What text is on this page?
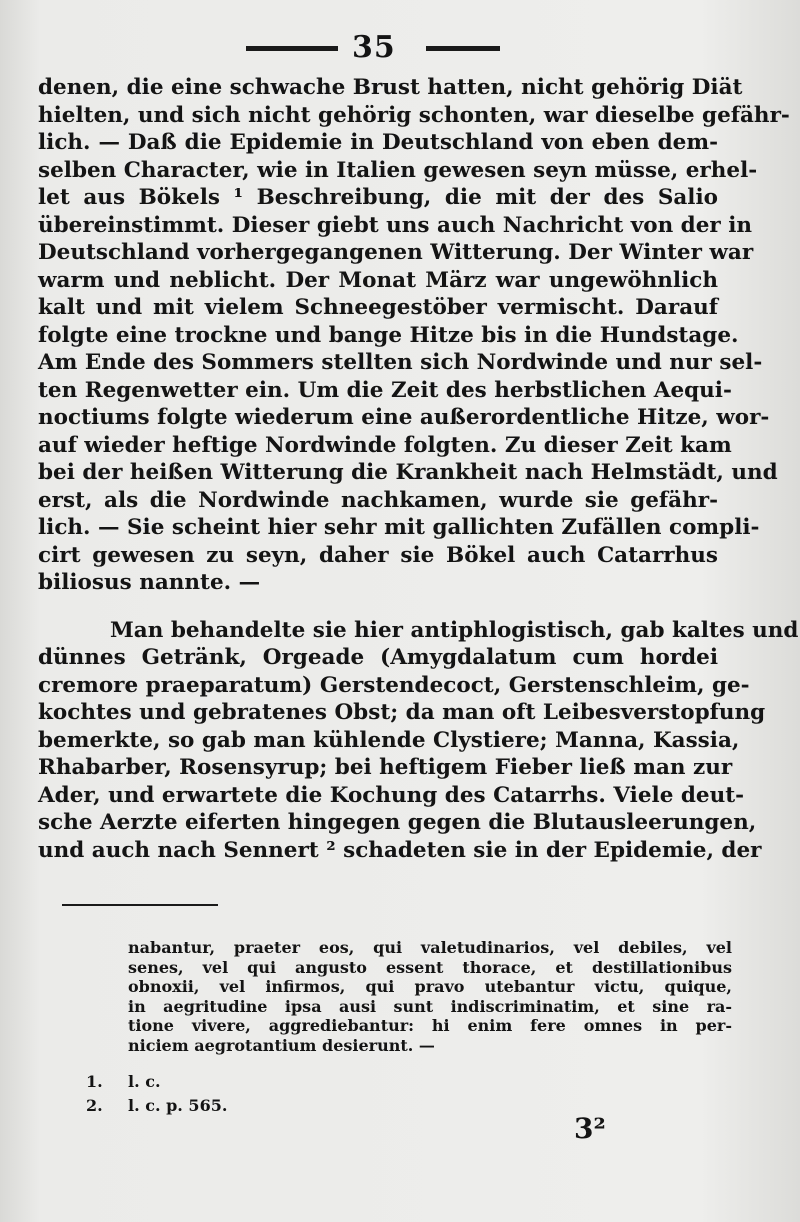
35
denen, die eine schwache Brust hatten, nicht gehörig Diät
hielten, und sich nicht gehörig schonten, war dieselbe gefähr-
lich. — Daß die Epidemie in Deutschland von eben dem-
selben Character, wie in Italien gewesen seyn müsse, erhel-
let aus Bökels ¹ Beschreibung, die mit der des Salio
übereinstimmt. Dieser giebt uns auch Nachricht von der in
Deutschland vorhergegangenen Witterung. Der Winter war
warm und neblicht. Der Monat März war ungewöhnlich
kalt und mit vielem Schneegestöber vermischt. Darauf
folgte eine trockne und bange Hitze bis in die Hundstage.
Am Ende des Sommers stellten sich Nordwinde und nur sel-
ten Regenwetter ein. Um die Zeit des herbstlichen Aequi-
noctiums folgte wiederum eine außerordentliche Hitze, wor-
auf wieder heftige Nordwinde folgten. Zu dieser Zeit kam
bei der heißen Witterung die Krankheit nach Helmstädt, und
erst, als die Nordwinde nachkamen, wurde sie gefähr-
lich. — Sie scheint hier sehr mit gallichten Zufällen compli-
cirt gewesen zu seyn, daher sie Bökel auch Catarrhus
biliosus nannte. —
Man behandelte sie hier antiphlogistisch, gab kaltes und
dünnes Getränk, Orgeade (Amygdalatum cum hordei
cremore praeparatum) Gerstendecoct, Gerstenschleim, ge-
kochtes und gebratenes Obst; da man oft Leibesverstopfung
bemerkte, so gab man kühlende Clystiere; Manna, Kassia,
Rhabarber, Rosensyrup; bei heftigem Fieber ließ man zur
Ader, und erwartete die Kochung des Catarrhs. Viele deut-
sche Aerzte eiferten hingegen gegen die Blutausleerungen,
und auch nach Sennert ² schadeten sie in der Epidemie, der
nabantur, praeter eos, qui valetudinarios, vel debiles, vel
senes, vel qui angusto essent thorace, et destillationibus
obnoxii, vel infirmos, qui pravo utebantur victu, quique,
in aegritudine ipsa ausi sunt indiscriminatim, et sine ra-
tione vivere, aggrediebantur: hi enim fere omnes in per-
niciem aegrotantium desierunt. —
1. l. c.
2. l. c. p. 565.
3²
